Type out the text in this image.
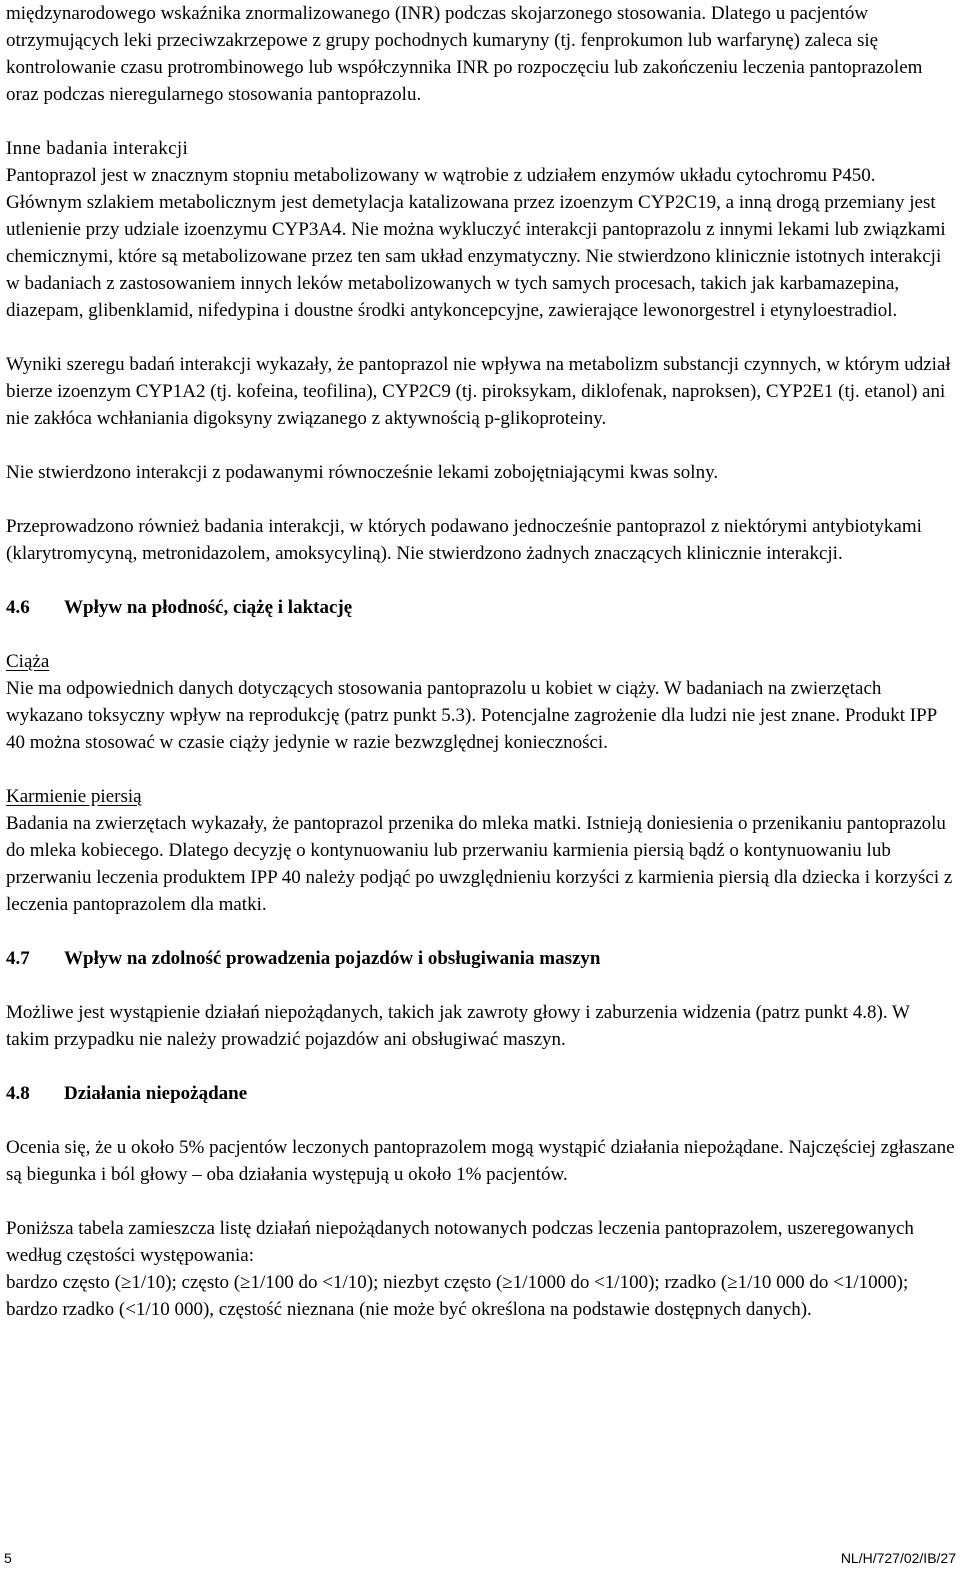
międzynarodowego wskaźnika znormalizowanego (INR) podczas skojarzonego stosowania. Dlatego u pacjentów otrzymujących leki przeciwzakrzepowe z grupy pochodnych kumaryny (tj. fenprokumon lub warfarynę) zaleca się kontrolowanie czasu protrombinowego lub współczynnika INR po rozpoczęciu lub zakończeniu leczenia pantoprazolem oraz podczas nieregularnego stosowania pantoprazolu.

Inne badania interakcji

Pantoprazol jest w znacznym stopniu metabolizowany w wątrobie z udziałem enzymów układu cytochromu P450. Głównym szlakiem metabolicznym jest demetylacja katalizowana przez izoenzym CYP2C19, a inną drogą przemiany jest utlenienie przy udziale izoenzymu CYP3A4. Nie można wykluczyć interakcji pantoprazolu z innymi lekami lub związkami chemicznymi, które są metabolizowane przez ten sam układ enzymatyczny. Nie stwierdzono klinicznie istotnych interakcji w badaniach z zastosowaniem innych leków metabolizowanych w tych samych procesach, takich jak karbamazepina, diazepam, glibenklamid, nifedypina i doustne środki antykoncepcyjne, zawierające lewonorgestrel i etynyloestradiol.

Wyniki szeregu badań interakcji wykazały, że pantoprazol nie wpływa na metabolizm substancji czynnych, w którym udział bierze izoenzym CYP1A2 (tj. kofeina, teofilina), CYP2C9 (tj. piroksykam, diklofenak, naproksen), CYP2E1 (tj. etanol) ani nie zakłóca wchłaniania digoksyny związanego z aktywnością p-glikoproteiny.

Nie stwierdzono interakcji z podawanymi równocześnie lekami zobojętniającymi kwas solny.

Przeprowadzono również badania interakcji, w których podawano jednocześnie pantoprazol z niektórymi antybiotykami (klarytromycyną, metronidazolem, amoksycyliną). Nie stwierdzono żadnych znaczących klinicznie interakcji.

4.6 Wpływ na płodność, ciążę i laktację

Ciąża

Nie ma odpowiednich danych dotyczących stosowania pantoprazolu u kobiet w ciąży. W badaniach na zwierzętach wykazano toksyczny wpływ na reprodukcję (patrz punkt 5.3). Potencjalne zagrożenie dla ludzi nie jest znane. Produkt IPP 40 można stosować w czasie ciąży jedynie w razie bezwzględnej konieczności.

Karmienie piersią

Badania na zwierzętach wykazały, że pantoprazol przenika do mleka matki. Istnieją doniesienia o przenikaniu pantoprazolu do mleka kobiecego. Dlatego decyzję o kontynuowaniu lub przerwaniu karmienia piersią bądź o kontynuowaniu lub przerwaniu leczenia produktem IPP 40 należy podjąć po uwzględnieniu korzyści z karmienia piersią dla dziecka i korzyści z leczenia pantoprazolem dla matki.

4.7 Wpływ na zdolność prowadzenia pojazdów i obsługiwania maszyn

Możliwe jest wystąpienie działań niepożądanych, takich jak zawroty głowy i zaburzenia widzenia (patrz punkt 4.8). W takim przypadku nie należy prowadzić pojazdów ani obsługiwać maszyn.

4.8 Działania niepożądane

Ocenia się, że u około 5% pacjentów leczonych pantoprazolem mogą wystąpić działania niepożądane. Najczęściej zgłaszane są biegunka i ból głowy – oba działania występują u około 1% pacjentów.

Poniższa tabela zamieszcza listę działań niepożądanych notowanych podczas leczenia pantoprazolem, uszeregowanych według częstości występowania:

bardzo często (≥1/10); często (≥1/100 do <1/10); niezbyt często (≥1/1000 do <1/100); rzadko (≥1/10 000 do <1/1000); bardzo rzadko (<1/10 000), częstość nieznana (nie może być określona na podstawie dostępnych danych).

5	NL/H/727/02/IB/27
